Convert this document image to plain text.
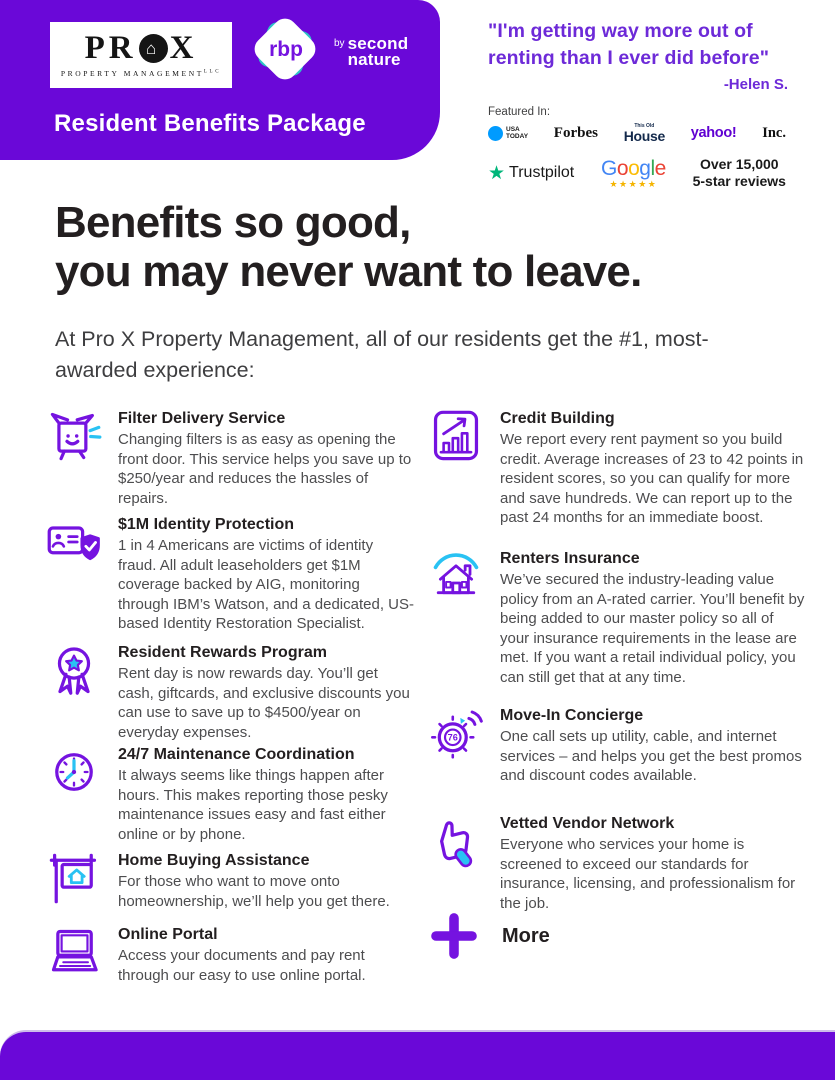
PR ⌂ X
PROPERTY $MANAGEMENT^{LLC}$
rbp	by second
nature
Resident Benefits Package
"I'm getting way more out of
renting than I ever did before"
-Helen S.
Featured In:
USA
TODAY Forbes	This Old
House yahoo! Inc.
★ Trustpilot Google
★★★★★
Over 15,000
5-star reviews
Benefits so good,
you may never want to leave.
At Pro X Property Management, all of our residents get the #1, most-awarded experience:
Filter Delivery Service

Changing filters is as easy as opening the front door. This service helps you save up to $250/year and reduces the hassles of repairs.

$1M Identity Protection

1 in 4 Americans are victims of identity fraud. All adult leaseholders get $1M coverage backed by AIG, monitoring through IBM’s Watson, and a dedicated, US-based Identity Restoration Specialist.

Resident Rewards Program

Rent day is now rewards day. You’ll get cash, giftcards, and exclusive discounts you can use to save up to $4500/year on everyday expenses.

24/7 Maintenance Coordination

It always seems like things happen after hours. This makes reporting those pesky maintenance issues easy and fast either online or by phone.

Home Buying Assistance

For those who want to move onto homeownership, we’ll help you get there.

Online Portal

Access your documents and pay rent through our easy to use online portal.

Credit Building

We report every rent payment so you build credit. Average increases of 23 to 42 points in resident scores, so you can qualify for more and save hundreds. We can report up to the past 24 months for an immediate boost.

Renters Insurance

We’ve secured the industry-leading value policy from an A-rated carrier. You’ll benefit by being added to our master policy so all of your insurance requirements in the lease are met. If you want a retail individual policy, you can still get that at any time.

76
Move-In Concierge

One call sets up utility, cable, and internet services – and helps you get the best promos and discount codes available.

Vetted Vendor Network

Everyone who services your home is screened to exceed our standards for insurance, licensing, and professionalism for the job.

More
